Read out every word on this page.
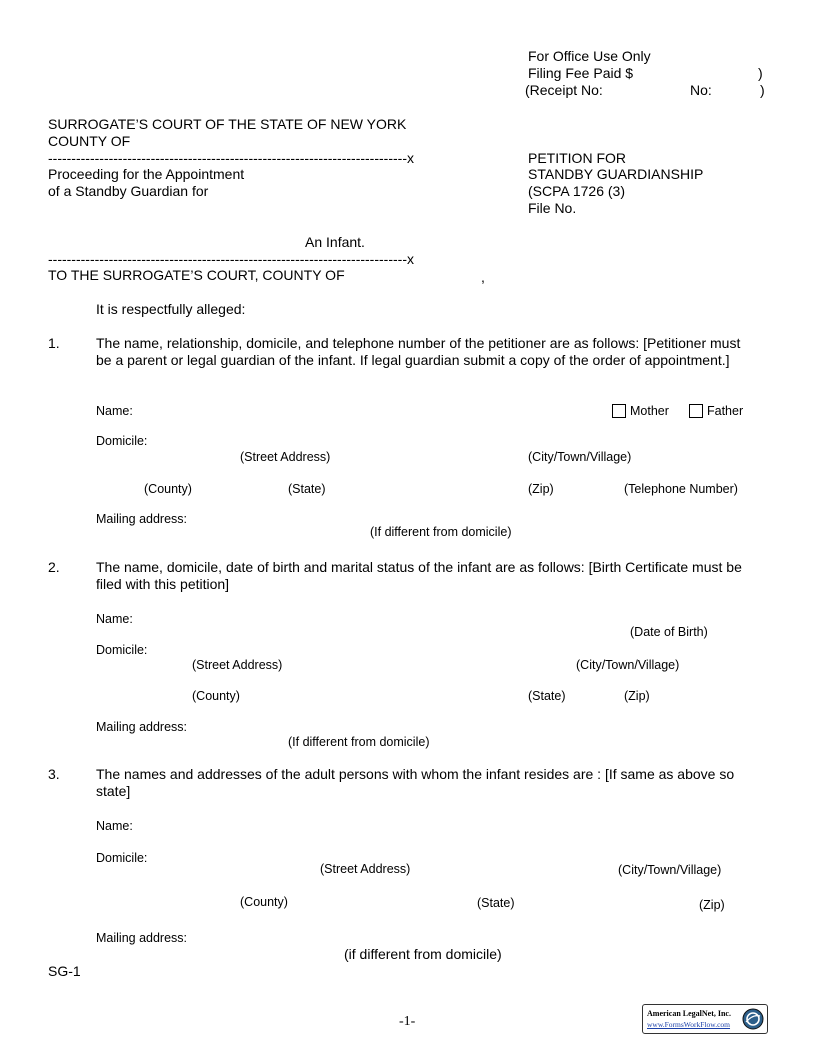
For Office Use Only
Filing Fee Paid $	)
(Receipt No:	No:	)
SURROGATE’S COURT OF THE STATE OF NEW YORK
COUNTY OF
-----------------------------------------------------------------------------x
Proceeding for the Appointment
of a Standby Guardian for
An Infant.
-----------------------------------------------------------------------------x
TO THE SURROGATE’S COURT, COUNTY OF	,
PETITION FOR
STANDBY GUARDIANSHIP
(SCPA 1726 (3)
File No.
It is respectfully alleged:
1.	The name, relationship, domicile, and telephone number of the petitioner are as follows: [Petitioner must be a parent or legal guardian of the infant. If legal guardian submit a copy of the order of appointment.]
Name:	Mother	Father
Domicile:
(Street Address)	(City/Town/Village)
(County)	(State)	(Zip)	(Telephone Number)
Mailing address:
(If different from domicile)
2.	The name, domicile, date of birth and marital status of the infant are as follows: [Birth Certificate must be filed with this petition]
Name:
(Date of Birth)
Domicile:
(Street Address)	(City/Town/Village)
(County)	(State)	(Zip)
Mailing address:
(If different from domicile)
3.	The names and addresses of the adult persons with whom the infant resides are : [If same as above so state]
Name:
Domicile:
(Street Address)	(City/Town/Village)
(County)	(State)	(Zip)
Mailing address:
(if different from domicile)
SG-1
-1-
American LegalNet, Inc.
www.FormsWorkFlow.com
